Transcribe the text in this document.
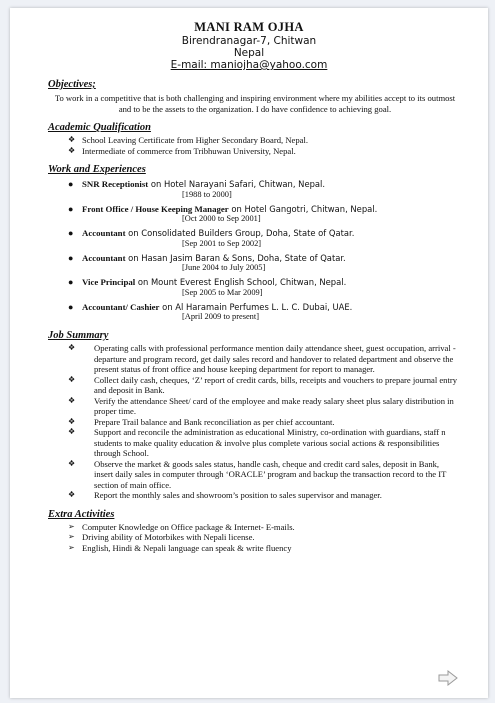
MANI RAM OJHA
Birendranagar-7, Chitwan
Nepal
E-mail: maniojha@yahoo.com
Objectives;
To work in a competitive that is both challenging and inspiring environment where my abilities accept to its outmost and to be the assets to the organization. I do have confidence to achieving goal.
Academic Qualification
❖ School Leaving Certificate from Higher Secondary Board, Nepal.
❖ Intermediate of commerce from Tribhuwan University, Nepal.
Work and Experiences
● SNR Receptionist on Hotel Narayani Safari, Chitwan, Nepal.
[1988 to 2000]
● Front Office / House Keeping Manager on Hotel Gangotri, Chitwan, Nepal.
[Oct 2000 to Sep 2001]
● Accountant on Consolidated Builders Group, Doha, State of Qatar.
[Sep 2001 to Sep 2002]
● Accountant on Hasan Jasim Baran & Sons, Doha, State of Qatar.
[June 2004 to July 2005]
● Vice Principal on Mount Everest English School, Chitwan, Nepal.
[Sep 2005 to Mar 2009]
● Accountant/ Cashier on Al Haramain Perfumes L. L. C. Dubai, UAE.
[April 2009 to present]
Job Summary
❖ Operating calls with professional performance mention daily attendance sheet, guest occupation, arrival -departure and program record, get daily sales record and handover to related department and observe the present status of front office and house keeping department for report to manager.
❖ Collect daily cash, cheques, ‘Z’ report of credit cards, bills, receipts and vouchers to prepare journal entry and deposit in Bank.
❖ Verify the attendance Sheet/ card of the employee and make ready salary sheet plus salary distribution in proper time.
❖ Prepare Trail balance and Bank reconciliation as per chief accountant.
❖ Support and reconcile the administration as educational Ministry, co-ordination with guardians, staff n students to make quality education & involve plus complete various social actions & responsibilities through School.
❖ Observe the market & goods sales status, handle cash, cheque and credit card sales, deposit in Bank, insert daily sales in computer through ‘ORACLE’ program and backup the transaction record to the IT section of main office.
❖ Report the monthly sales and showroom’s position to sales supervisor and manager.
Extra Activities
➢ Computer Knowledge on Office package & Internet- E-mails.
➢ Driving ability of Motorbikes with Nepali license.
➢ English, Hindi & Nepali language can speak & write fluency
